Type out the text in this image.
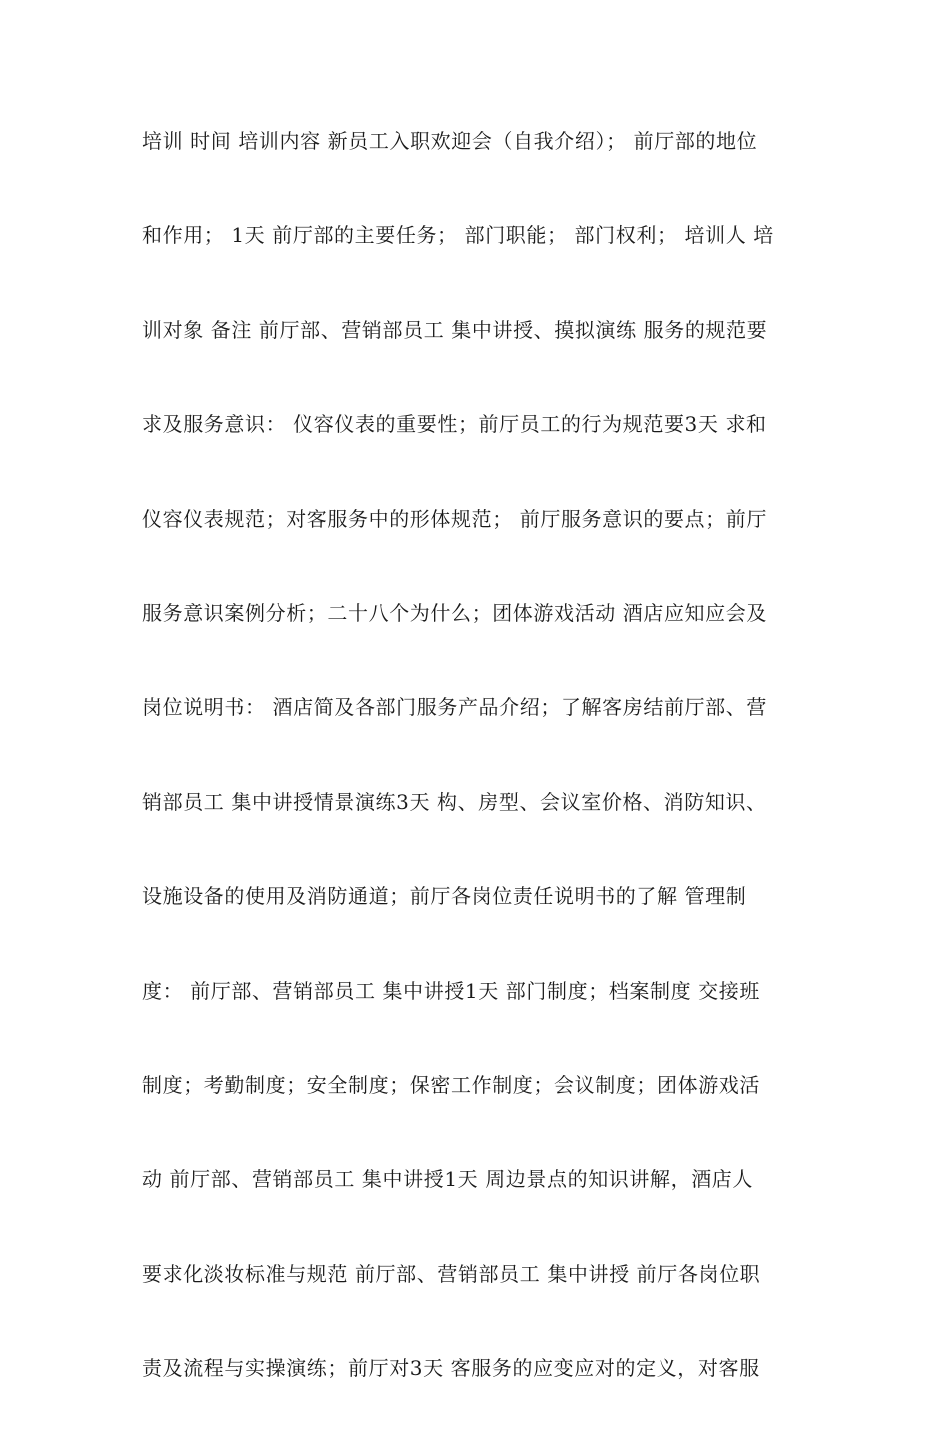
培训 时间 培训内容 新员工入职欢迎会（自我介绍）； 前厅部的地位
和作用； 1天 前厅部的主要任务； 部门职能； 部门权利； 培训人 培
训对象 备注 前厅部、营销部员工 集中讲授、摸拟演练 服务的规范要
求及服务意识： 仪容仪表的重要性；前厅员工的行为规范要3天 求和
仪容仪表规范；对客服务中的形体规范； 前厅服务意识的要点；前厅
服务意识案例分析；二十八个为什么；团体游戏活动 酒店应知应会及
岗位说明书： 酒店简及各部门服务产品介绍；了解客房结前厅部、营
销部员工 集中讲授情景演练3天 构、房型、会议室价格、消防知识、
设施设备的使用及消防通道；前厅各岗位责任说明书的了解 管理制
度： 前厅部、营销部员工 集中讲授1天 部门制度；档案制度 交接班
制度；考勤制度；安全制度；保密工作制度；会议制度；团体游戏活
动 前厅部、营销部员工 集中讲授1天 周边景点的知识讲解，酒店人
要求化淡妆标准与规范 前厅部、营销部员工 集中讲授 前厅各岗位职
责及流程与实操演练；前厅对3天 客服务的应变应对的定义，对客服
